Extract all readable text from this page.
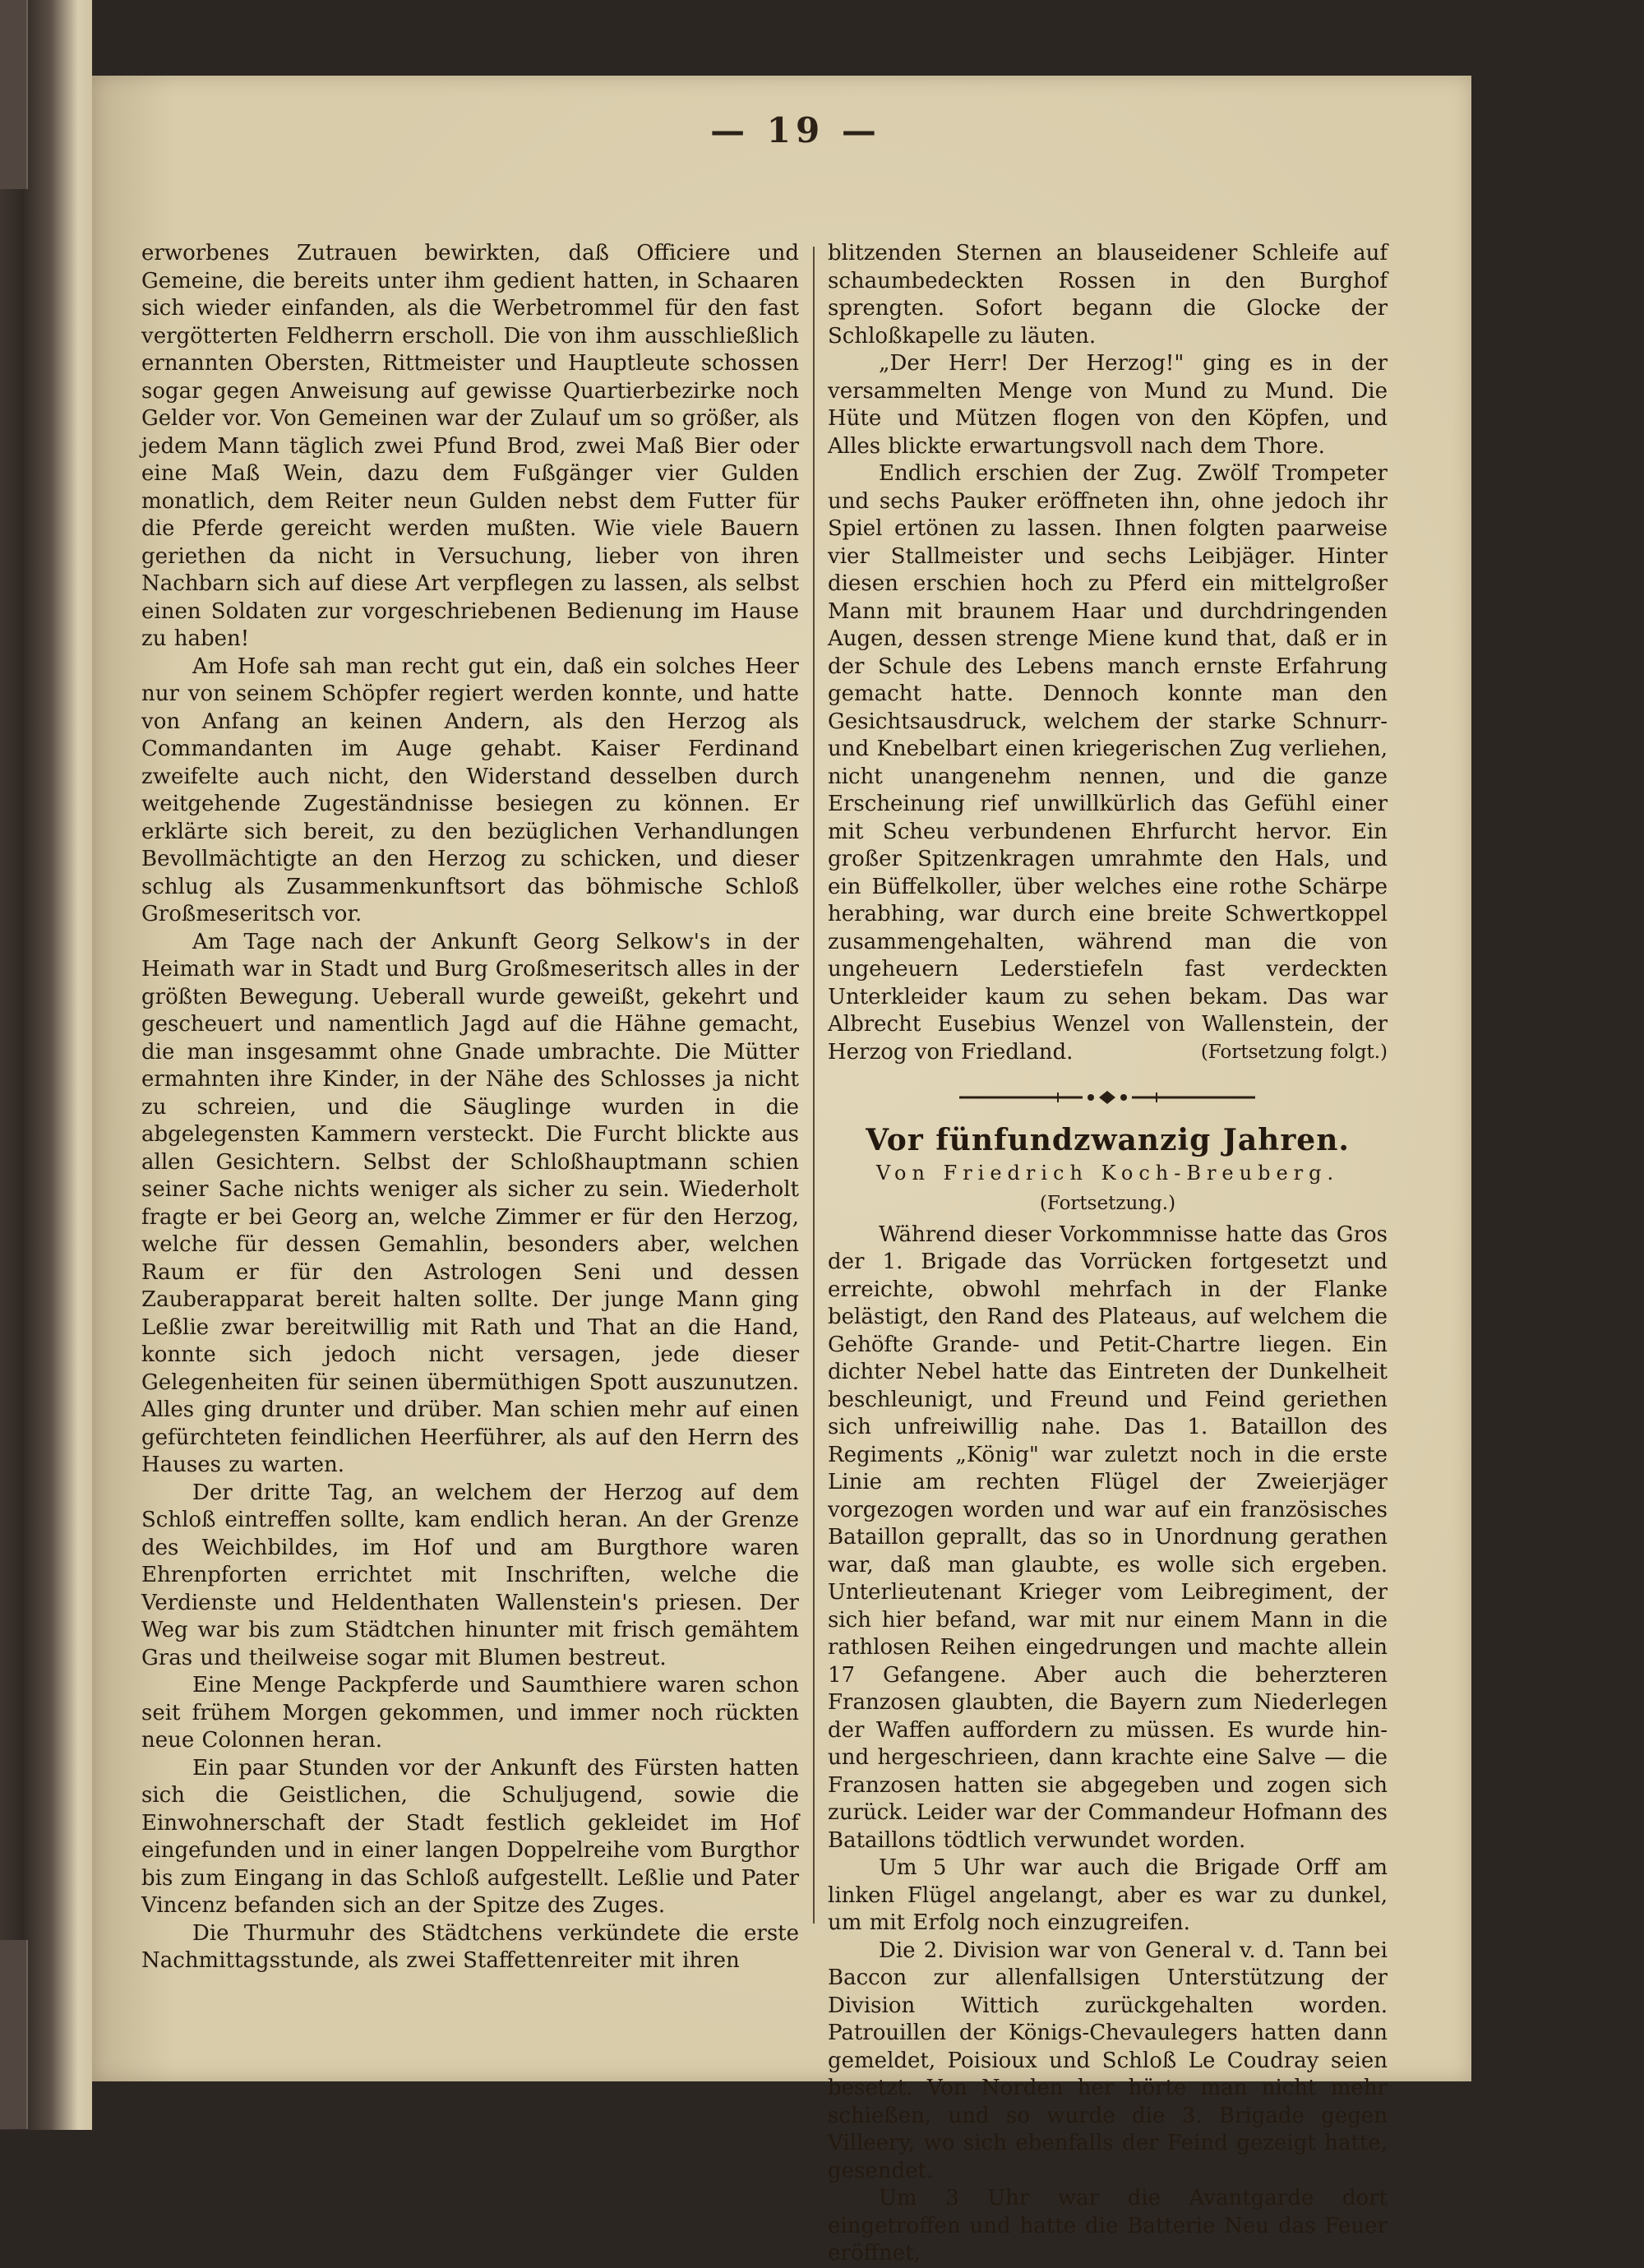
— 19 —

erworbenes Zutrauen bewirkten, daß Officiere und Gemeine, die bereits unter ihm gedient hatten, in Schaaren sich wieder einfanden, als die Werbetrommel für den fast vergötterten Feldherrn erscholl. Die von ihm ausschließlich ernannten Obersten, Rittmeister und Hauptleute schossen sogar gegen Anweisung auf gewisse Quartierbezirke noch Gelder vor. Von Gemeinen war der Zulauf um so größer, als jedem Mann täglich zwei Pfund Brod, zwei Maß Bier oder eine Maß Wein, dazu dem Fußgänger vier Gulden monatlich, dem Reiter neun Gulden nebst dem Futter für die Pferde gereicht werden mußten. Wie viele Bauern geriethen da nicht in Versuchung, lieber von ihren Nachbarn sich auf diese Art verpflegen zu lassen, als selbst einen Soldaten zur vorgeschriebenen Bedienung im Hause zu haben!

Am Hofe sah man recht gut ein, daß ein solches Heer nur von seinem Schöpfer regiert werden konnte, und hatte von Anfang an keinen Andern, als den Herzog als Commandanten im Auge gehabt. Kaiser Ferdinand zweifelte auch nicht, den Widerstand desselben durch weitgehende Zugeständnisse besiegen zu können. Er erklärte sich bereit, zu den bezüglichen Verhandlungen Bevollmächtigte an den Herzog zu schicken, und dieser schlug als Zusammenkunftsort das böhmische Schloß Großmeseritsch vor.

Am Tage nach der Ankunft Georg Selkow's in der Heimath war in Stadt und Burg Großmeseritsch alles in der größten Bewegung. Ueberall wurde geweißt, gekehrt und gescheuert und namentlich Jagd auf die Hähne gemacht, die man insgesammt ohne Gnade umbrachte. Die Mütter ermahnten ihre Kinder, in der Nähe des Schlosses ja nicht zu schreien, und die Säuglinge wurden in die abgelegensten Kammern versteckt. Die Furcht blickte aus allen Gesichtern. Selbst der Schloßhauptmann schien seiner Sache nichts weniger als sicher zu sein. Wiederholt fragte er bei Georg an, welche Zimmer er für den Herzog, welche für dessen Gemahlin, besonders aber, welchen Raum er für den Astrologen Seni und dessen Zauberapparat bereit halten sollte. Der junge Mann ging Leßlie zwar bereitwillig mit Rath und That an die Hand, konnte sich jedoch nicht versagen, jede dieser Gelegenheiten für seinen übermüthigen Spott auszunutzen. Alles ging drunter und drüber. Man schien mehr auf einen gefürchteten feindlichen Heerführer, als auf den Herrn des Hauses zu warten.

Der dritte Tag, an welchem der Herzog auf dem Schloß eintreffen sollte, kam endlich heran. An der Grenze des Weichbildes, im Hof und am Burgthore waren Ehrenpforten errichtet mit Inschriften, welche die Verdienste und Heldenthaten Wallenstein's priesen. Der Weg war bis zum Städtchen hinunter mit frisch gemähtem Gras und theilweise sogar mit Blumen bestreut.

Eine Menge Packpferde und Saumthiere waren schon seit frühem Morgen gekommen, und immer noch rückten neue Colonnen heran.

Ein paar Stunden vor der Ankunft des Fürsten hatten sich die Geistlichen, die Schuljugend, sowie die Einwohnerschaft der Stadt festlich gekleidet im Hof eingefunden und in einer langen Doppelreihe vom Burgthor bis zum Eingang in das Schloß aufgestellt. Leßlie und Pater Vincenz befanden sich an der Spitze des Zuges.

Die Thurmuhr des Städtchens verkündete die erste Nachmittagsstunde, als zwei Staffettenreiter mit ihren

blitzenden Sternen an blauseidener Schleife auf schaumbedeckten Rossen in den Burghof sprengten. Sofort begann die Glocke der Schloßkapelle zu läuten.

„Der Herr! Der Herzog!" ging es in der versammelten Menge von Mund zu Mund. Die Hüte und Mützen flogen von den Köpfen, und Alles blickte erwartungsvoll nach dem Thore.

Endlich erschien der Zug. Zwölf Trompeter und sechs Pauker eröffneten ihn, ohne jedoch ihr Spiel ertönen zu lassen. Ihnen folgten paarweise vier Stallmeister und sechs Leibjäger. Hinter diesen erschien hoch zu Pferd ein mittelgroßer Mann mit braunem Haar und durchdringenden Augen, dessen strenge Miene kund that, daß er in der Schule des Lebens manch ernste Erfahrung gemacht hatte. Dennoch konnte man den Gesichtsausdruck, welchem der starke Schnurr- und Knebelbart einen kriegerischen Zug verliehen, nicht unangenehm nennen, und die ganze Erscheinung rief unwillkürlich das Gefühl einer mit Scheu verbundenen Ehrfurcht hervor. Ein großer Spitzenkragen umrahmte den Hals, und ein Büffelkoller, über welches eine rothe Schärpe herabhing, war durch eine breite Schwertkoppel zusammengehalten, während man die von ungeheuern Lederstiefeln fast verdeckten Unterkleider kaum zu sehen bekam. Das war Albrecht Eusebius Wenzel von Wallenstein, der Herzog von Friedland.	(Fortsetzung folgt.)

Vor fünfundzwanzig Jahren.
Von Friedrich Koch-Breuberg.
(Fortsetzung.)

Während dieser Vorkommnisse hatte das Gros der 1. Brigade das Vorrücken fortgesetzt und erreichte, obwohl mehrfach in der Flanke belästigt, den Rand des Plateaus, auf welchem die Gehöfte Grande- und Petit-Chartre liegen. Ein dichter Nebel hatte das Eintreten der Dunkelheit beschleunigt, und Freund und Feind geriethen sich unfreiwillig nahe. Das 1. Bataillon des Regiments „König" war zuletzt noch in die erste Linie am rechten Flügel der Zweierjäger vorgezogen worden und war auf ein französisches Bataillon geprallt, das so in Unordnung gerathen war, daß man glaubte, es wolle sich ergeben. Unterlieutenant Krieger vom Leibregiment, der sich hier befand, war mit nur einem Mann in die rathlosen Reihen eingedrungen und machte allein 17 Gefangene. Aber auch die beherzteren Franzosen glaubten, die Bayern zum Niederlegen der Waffen auffordern zu müssen. Es wurde hin- und hergeschrieen, dann krachte eine Salve — die Franzosen hatten sie abgegeben und zogen sich zurück. Leider war der Commandeur Hofmann des Bataillons tödtlich verwundet worden.

Um 5 Uhr war auch die Brigade Orff am linken Flügel angelangt, aber es war zu dunkel, um mit Erfolg noch einzugreifen.

Die 2. Division war von General v. d. Tann bei Baccon zur allenfallsigen Unterstützung der Division Wittich zurückgehalten worden. Patrouillen der Königs-Chevaulegers hatten dann gemeldet, Poisioux und Schloß Le Coudray seien besetzt. Von Norden her hörte man nicht mehr schießen, und so wurde die 3. Brigade gegen Villeery, wo sich ebenfalls der Feind gezeigt hatte, gesendet.

Um 3 Uhr war die Avantgarde dort eingetroffen und hatte die Batterie Neu das Feuer eröffnet,
